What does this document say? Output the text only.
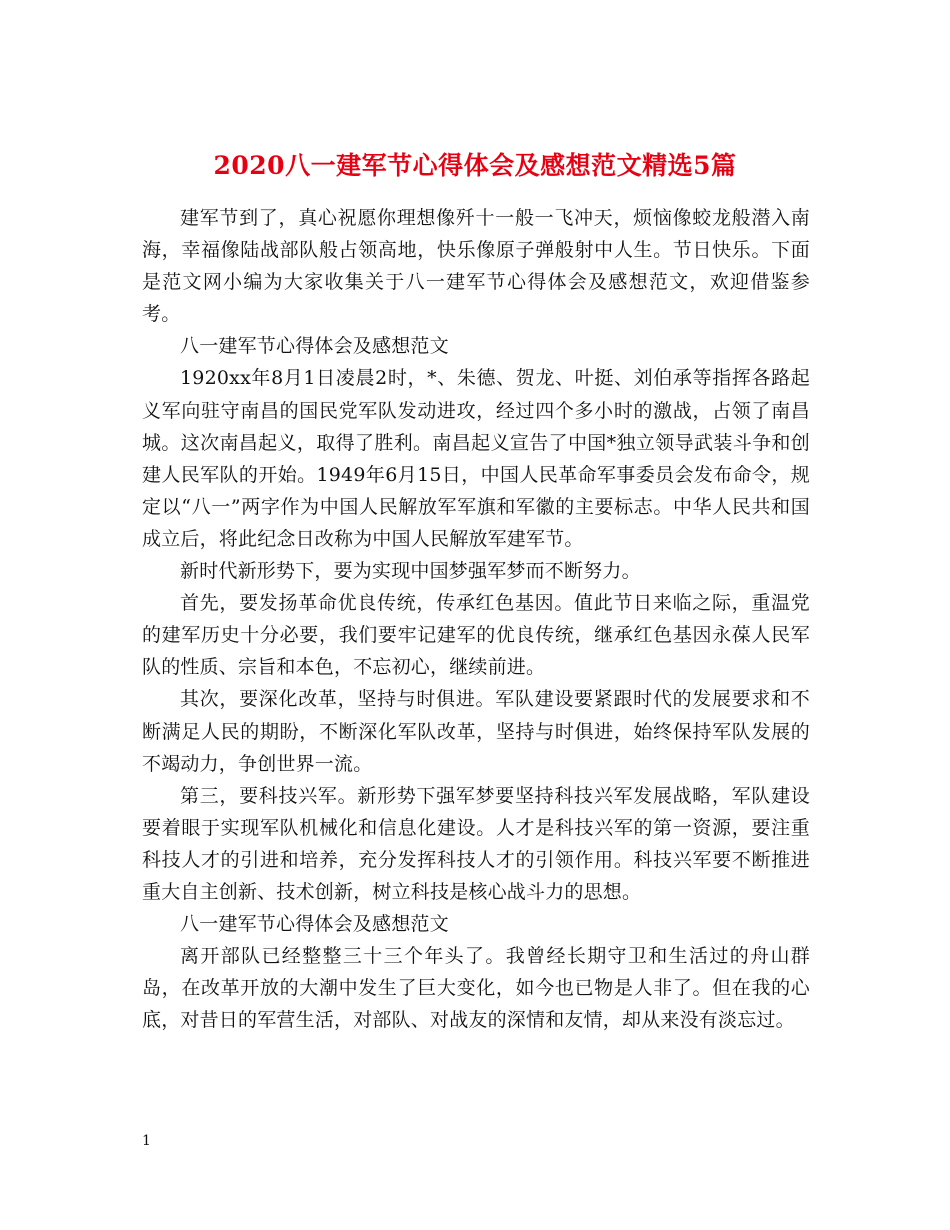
2020八一建军节心得体会及感想范文精选5篇

建军节到了，真心祝愿你理想像歼十一般一飞冲天，烦恼像蛟龙般潜入南海，幸福像陆战部队般占领高地，快乐像原子弹般射中人生。节日快乐。下面是范文网小编为大家收集关于八一建军节心得体会及感想范文，欢迎借鉴参考。

八一建军节心得体会及感想范文

1920xx年8月1日凌晨2时，*、朱德、贺龙、叶挺、刘伯承等指挥各路起义军向驻守南昌的国民党军队发动进攻，经过四个多小时的激战，占领了南昌城。这次南昌起义，取得了胜利。南昌起义宣告了中国*独立领导武装斗争和创建人民军队的开始。1949年6月15日，中国人民革命军事委员会发布命令，规定以“八一”两字作为中国人民解放军军旗和军徽的主要标志。中华人民共和国成立后，将此纪念日改称为中国人民解放军建军节。

新时代新形势下，要为实现中国梦强军梦而不断努力。

首先，要发扬革命优良传统，传承红色基因。值此节日来临之际，重温党的建军历史十分必要，我们要牢记建军的优良传统，继承红色基因永葆人民军队的性质、宗旨和本色，不忘初心，继续前进。

其次，要深化改革，坚持与时俱进。军队建设要紧跟时代的发展要求和不断满足人民的期盼，不断深化军队改革，坚持与时俱进，始终保持军队发展的不竭动力，争创世界一流。

第三，要科技兴军。新形势下强军梦要坚持科技兴军发展战略，军队建设要着眼于实现军队机械化和信息化建设。人才是科技兴军的第一资源，要注重科技人才的引进和培养，充分发挥科技人才的引领作用。科技兴军要不断推进重大自主创新、技术创新，树立科技是核心战斗力的思想。

八一建军节心得体会及感想范文

离开部队已经整整三十三个年头了。我曾经长期守卫和生活过的舟山群岛，在改革开放的大潮中发生了巨大变化，如今也已物是人非了。但在我的心底，对昔日的军营生活，对部队、对战友的深情和友情，却从来没有淡忘过。

1
